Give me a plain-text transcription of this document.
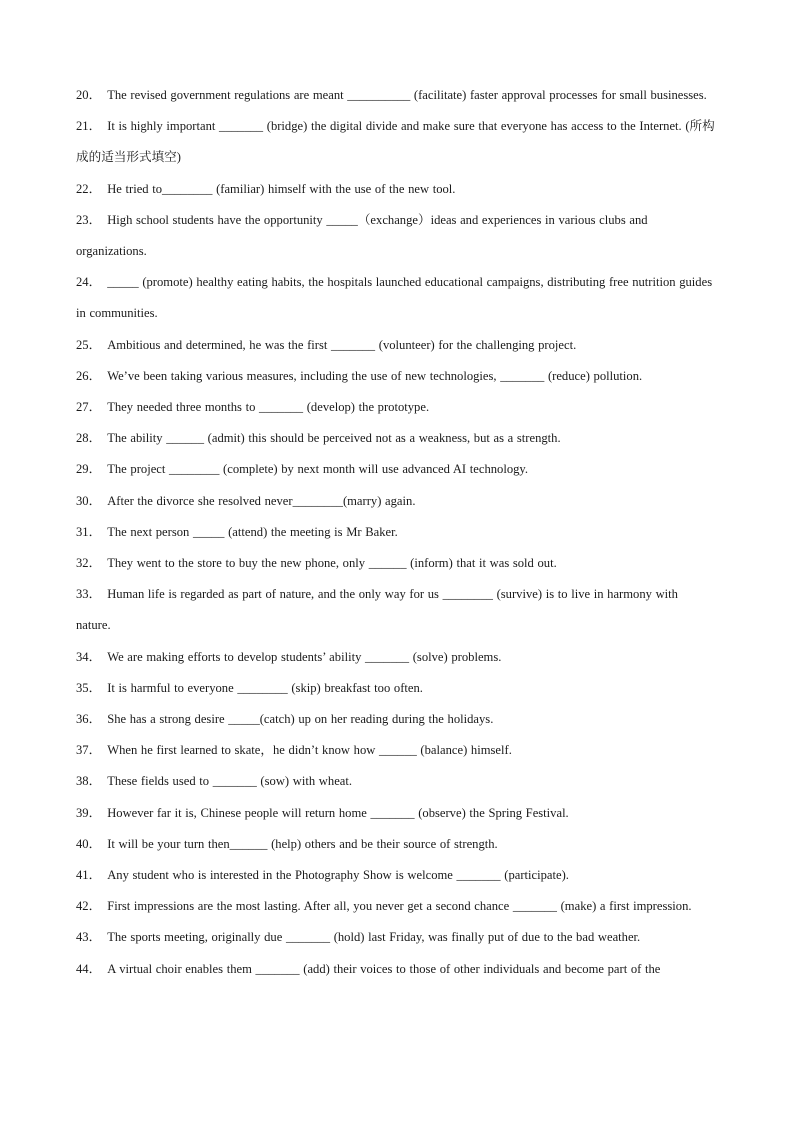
20． The revised government regulations are meant __________ (facilitate) faster approval processes for small businesses.

21． It is highly important _______ (bridge) the digital divide and make sure that everyone has access to the Internet. (所构成的适当形式填空)

22． He tried to________ (familiar) himself with the use of the new tool.

23． High school students have the opportunity _____（exchange）ideas and experiences in various clubs and organizations.

24． _____ (promote) healthy eating habits, the hospitals launched educational campaigns, distributing free nutrition guides in communities.

25． Ambitious and determined, he was the first _______ (volunteer) for the challenging project.

26． We’ve been taking various measures, including the use of new technologies, _______ (reduce) pollution.

27． They needed three months to _______ (develop) the prototype.

28． The ability ______ (admit) this should be perceived not as a weakness, but as a strength.

29． The project ________ (complete) by next month will use advanced AI technology.

30． After the divorce she resolved never________(marry) again.

31． The next person _____ (attend) the meeting is Mr Baker.

32． They went to the store to buy the new phone, only ______ (inform) that it was sold out.

33． Human life is regarded as part of nature, and the only way for us ________ (survive) is to live in harmony with nature.

34． We are making efforts to develop students’ ability _______ (solve) problems.

35． It is harmful to everyone ________ (skip) breakfast too often.

36． She has a strong desire _____(catch) up on her reading during the holidays.

37． When he first learned to skate，he didn’t know how ______ (balance) himself.

38． These fields used to _______ (sow) with wheat.

39． However far it is, Chinese people will return home _______ (observe) the Spring Festival.

40． It will be your turn then______ (help) others and be their source of strength.

41． Any student who is interested in the Photography Show is welcome _______ (participate).

42． First impressions are the most lasting. After all, you never get a second chance _______ (make) a first impression.

43． The sports meeting, originally due _______ (hold) last Friday, was finally put of due to the bad weather.

44． A virtual choir enables them _______ (add) their voices to those of other individuals and become part of the
